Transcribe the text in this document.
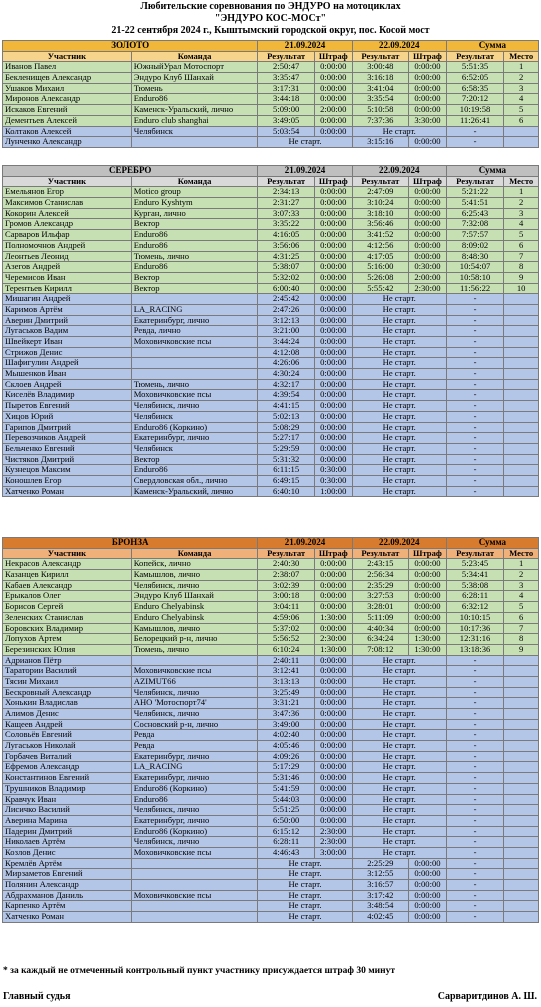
Любительские соревнования по ЭНДУРО на мотоциклах
"ЭНДУРО КОС-МОСт"
21-22 сентября 2024 г., Кыштымский городской округ, пос. Косой мост
ЗОЛОТО		21.09.2024		22.09.2024		Сумма	
Участник	Команда	Результат	Штраф	Результат	Штраф	Результат	Место
Иванов Павел	ЮжныйУрал Мотоспорт	2:50:47	0:00:00	3:00:48	0:00:00	5:51:35	1
Бекленищев Александр	Эндуро Клуб Шанхай	3:35:47	0:00:00	3:16:18	0:00:00	6:52:05	2
Ушаков Михаил	Тюмень	3:17:31	0:00:00	3:41:04	0:00:00	6:58:35	3
Миронов Александр	Enduro86	3:44:18	0:00:00	3:35:54	0:00:00	7:20:12	4
Искаков Евгений	Каменск-Уральский, лично	5:09:00	2:00:00	5:10:58	0:00:00	10:19:58	5
Дементьев Алексей	Enduro club shanghai	3:49:05	0:00:00	7:37:36	3:30:00	11:26:41	6
Колтаков Алексей	Челябинск	5:03:54	0:00:00	Не старт.		-	
Лунченко Александр		Не старт.		3:15:16	0:00:00	-	
СЕРЕБРО		21.09.2024		22.09.2024		Сумма	
Участник	Команда	Результат	Штраф	Результат	Штраф	Результат	Место
Емельянов Егор	Motico group	2:34:13	0:00:00	2:47:09	0:00:00	5:21:22	1
Максимов Станислав	Enduro Kyshtym	2:31:27	0:00:00	3:10:24	0:00:00	5:41:51	2
Кокорин Алексей	Курган, лично	3:07:33	0:00:00	3:18:10	0:00:00	6:25:43	3
Громов Александр	Вектор	3:35:22	0:00:00	3:56:46	0:00:00	7:32:08	4
Сарваров Ильфар	Enduro86	4:16:05	0:00:00	3:41:52	0:00:00	7:57:57	5
Полномочнов Андрей	Enduro86	3:56:06	0:00:00	4:12:56	0:00:00	8:09:02	6
Леонтьев Леонид	Тюмень, лично	4:31:25	0:00:00	4:17:05	0:00:00	8:48:30	7
Азегов Андрей	Enduro86	5:38:07	0:00:00	5:16:00	0:30:00	10:54:07	8
Черемисов Иван	Вектор	5:32:02	0:00:00	5:26:08	2:00:00	10:58:10	9
Терентьев Кирилл	Вектор	6:00:40	0:00:00	5:55:42	2:30:00	11:56:22	10
Мишагин Андрей		2:45:42	0:00:00	Не старт.		-	
Каримов Артём	LA_RACING	2:47:26	0:00:00	Не старт.		-	
Аверин Дмитрий	Екатеринбург, лично	3:12:13	0:00:00	Не старт.		-	
Лугаськов Вадим	Ревда, лично	3:21:00	0:00:00	Не старт.		-	
Швейкерт Иван	Моховичковские псы	3:44:24	0:00:00	Не старт.		-	
Стрижов Денис		4:12:08	0:00:00	Не старт.		-	
Шафигулин Андрей		4:26:06	0:00:00	Не старт.		-	
Мышенков Иван		4:30:24	0:00:00	Не старт.		-	
Склоев Андрей	Тюмень, лично	4:32:17	0:00:00	Не старт.		-	
Киселёв Владимир	Моховичковские псы	4:39:54	0:00:00	Не старт.		-	
Пыретов Евгений	Челябинск, лично	4:41:15	0:00:00	Не старт.		-	
Хицов Юрий	Челябинск	5:02:13	0:00:00	Не старт.		-	
Гарипов Дмитрий	Enduro86 (Коркино)	5:08:29	0:00:00	Не старт.		-	
Перевозчиков Андрей	Екатеринбург, лично	5:27:17	0:00:00	Не старт.		-	
Бельченко Евгений	Челябинск	5:29:59	0:00:00	Не старт.		-	
Чистяков Дмитрий	Вектор	5:31:32	0:00:00	Не старт.		-	
Кузнецов Максим	Enduro86	6:11:15	0:30:00	Не старт.		-	
Коношлев Егор	Свердловская обл., лично	6:49:15	0:30:00	Не старт.		-	
Хатченко Роман	Каменск-Уральский, лично	6:40:10	1:00:00	Не старт.		-	
БРОНЗА		21.09.2024		22.09.2024		Сумма	
Участник	Команда	Результат	Штраф	Результат	Штраф	Результат	Место
Некрасов Александр	Копейск, лично	2:40:30	0:00:00	2:43:15	0:00:00	5:23:45	1
Казанцев Кирилл	Камышлов, лично	2:38:07	0:00:00	2:56:34	0:00:00	5:34:41	2
Кабаев Александр	Челябинск, лично	3:02:39	0:00:00	2:35:29	0:00:00	5:38:08	3
Ерыкалов Олег	Эндуро Клуб Шанхай	3:00:18	0:00:00	3:27:53	0:00:00	6:28:11	4
Борисов Сергей	Enduro Chelyabinsk	3:04:11	0:00:00	3:28:01	0:00:00	6:32:12	5
Зеленских Станислав	Enduro Chelyabinsk	4:59:06	1:30:00	5:11:09	0:00:00	10:10:15	6
Боровских Владимир	Камышлов, лично	5:37:02	0:00:00	4:40:34	0:00:00	10:17:36	7
Лопухов Артем	Белорецкий р-н, лично	5:56:52	2:30:00	6:34:24	1:30:00	12:31:16	8
Березинских Юлия	Тюмень, лично	6:10:24	1:30:00	7:08:12	1:30:00	13:18:36	9
Адрианов Пётр		2:40:11	0:00:00	Не старт.		-	
Таратории Василий	Моховичковские псы	3:12:41	0:00:00	Не старт.		-	
Тясин Михаил	AZIMUT66	3:13:13	0:00:00	Не старт.		-	
Бескровный Александр	Челябинск, лично	3:25:49	0:00:00	Не старт.		-	
Хонькин Владислав	АНО 'Мотоспорт74'	3:31:21	0:00:00	Не старт.		-	
Алимов Денис	Челябинск, лично	3:47:36	0:00:00	Не старт.		-	
Кащеев Андрей	Сосновский р-н, лично	3:49:00	0:00:00	Не старт.		-	
Соловьёв Евгений	Ревда	4:02:40	0:00:00	Не старт.		-	
Лугаськов Николай	Ревда	4:05:46	0:00:00	Не старт.		-	
Горбачев Виталий	Екатеринбург, лично	4:09:26	0:00:00	Не старт.		-	
Ефремов Александр	LA_RACING	5:17:29	0:00:00	Не старт.		-	
Константинов Евгений	Екатеринбург, лично	5:31:46	0:00:00	Не старт.		-	
Трушников Владимир	Enduro86 (Коркино)	5:41:59	0:00:00	Не старт.		-	
Кравчук Иван	Enduro86	5:44:03	0:00:00	Не старт.		-	
Лисичко Василий	Челябинск, лично	5:51:25	0:00:00	Не старт.		-	
Аверина Марина	Екатеринбург, лично	6:50:00	0:00:00	Не старт.		-	
Падерин Дмитрий	Enduro86 (Коркино)	6:15:12	2:30:00	Не старт.		-	
Николаев Артём	Челябинск, лично	6:28:11	2:30:00	Не старт.		-	
Козлов Денис	Моховичковские псы	4:46:43	3:00:00	Не старт.		-	
Кремлёв Артём		Не старт.		2:25:29	0:00:00	-	
Мирзаметов Евгений		Не старт.		3:12:55	0:00:00	-	
Полянин Александр		Не старт.		3:16:57	0:00:00	-	
Абдрахманов Даниль	Моховичковские псы	Не старт.		3:17:42	0:00:00	-	
Карпенко Артём		Не старт.		3:48:54	0:00:00	-	
Хатченко Роман		Не старт.		4:02:45	0:00:00	-	
* за каждый не отмеченный контрольный пункт участнику присуждается штраф 30 минут
Главный судья	Сарваритдинов А. Ш.
